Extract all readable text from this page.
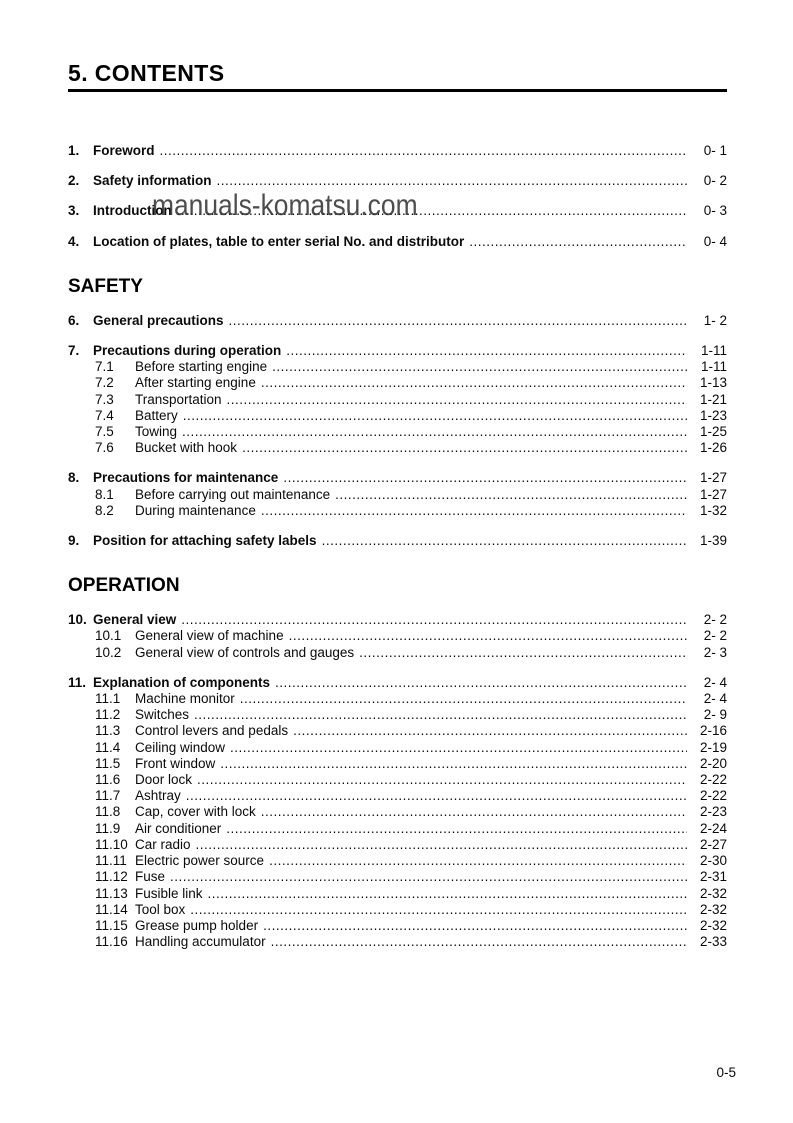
5. CONTENTS
1.	Foreword .....	0- 1
2.	Safety information .....	0- 2
3.	Introduction .....	0- 3
4.	Location of plates, table to enter serial No. and distributor .....	0- 4
SAFETY
6.	General precautions .....	1- 2
7.	Precautions during operation .....	1-11
7.1	Before starting engine .....	1-11
7.2	After starting engine .....	1-13
7.3	Transportation .....	1-21
7.4	Battery .....	1-23
7.5	Towing .....	1-25
7.6	Bucket with hook .....	1-26
8.	Precautions for maintenance .....	1-27
8.1	Before carrying out maintenance .....	1-27
8.2	During maintenance .....	1-32
9.	Position for attaching safety labels .....	1-39
OPERATION
10. General view .....	2- 2
10.1	General view of machine .....	2- 2
10.2	General view of controls and gauges .....	2- 3
11. Explanation of components .....	2- 4
11.1	Machine monitor .....	2- 4
11.2	Switches .....	2- 9
11.3	Control levers and pedals .....	2-16
11.4	Ceiling window .....	2-19
11.5	Front window .....	2-20
11.6	Door lock .....	2-22
11.7	Ashtray .....	2-22
11.8	Cap, cover with lock .....	2-23
11.9	Air conditioner .....	2-24
11.10 Car radio .....	2-27
11.11 Electric power source .....	2-30
11.12 Fuse .....	2-31
11.13 Fusible link .....	2-32
11.14 Tool box .....	2-32
11.15 Grease pump holder .....	2-32
11.16 Handling accumulator .....	2-33
manuals-komatsu.com
0-5
